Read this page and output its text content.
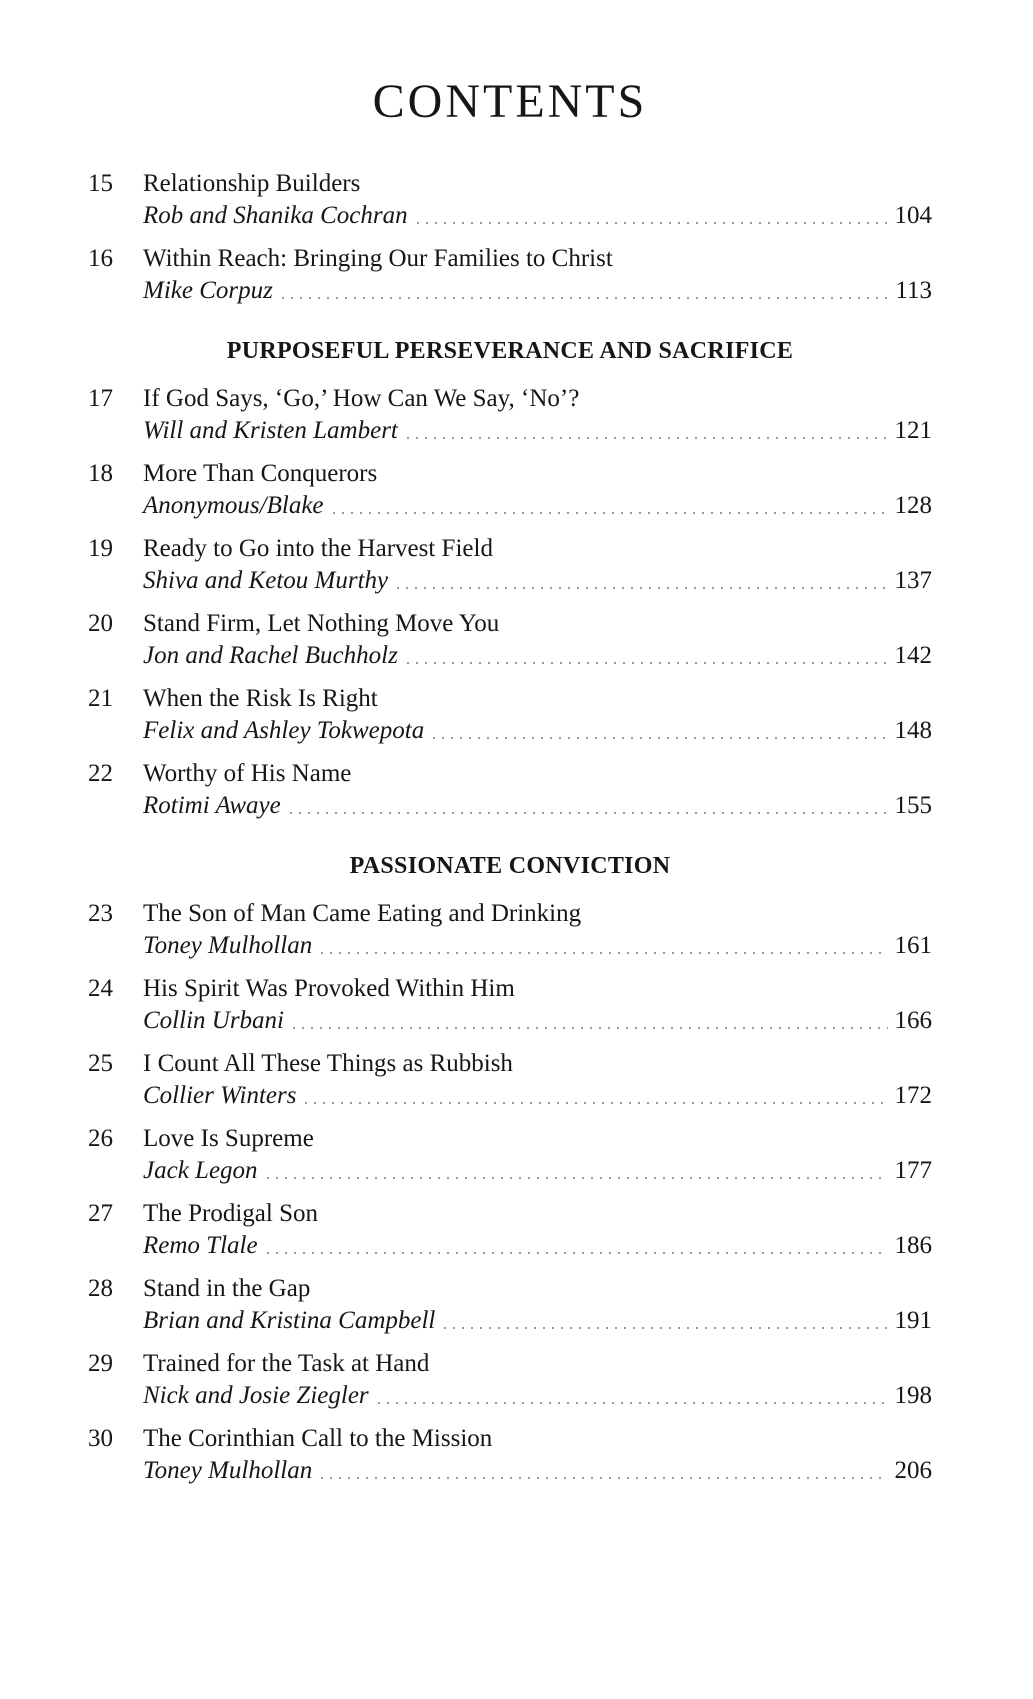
CONTENTS
15	Relationship Builders
Rob and Shanika Cochran	104
16	Within Reach: Bringing Our Families to Christ
Mike Corpuz	113
PURPOSEFUL PERSEVERANCE AND SACRIFICE
17	If God Says, ‘Go,’ How Can We Say, ‘No’?
Will and Kristen Lambert	121
18	More Than Conquerors
Anonymous/Blake	128
19	Ready to Go into the Harvest Field
Shiva and Ketou Murthy	137
20	Stand Firm, Let Nothing Move You
Jon and Rachel Buchholz	142
21	When the Risk Is Right
Felix and Ashley Tokwepota	148
22	Worthy of His Name
Rotimi Awaye	155
PASSIONATE CONVICTION
23	The Son of Man Came Eating and Drinking
Toney Mulhollan	161
24	His Spirit Was Provoked Within Him
Collin Urbani	166
25	I Count All These Things as Rubbish
Collier Winters	172
26	Love Is Supreme
Jack Legon	177
27	The Prodigal Son
Remo Tlale	186
28	Stand in the Gap
Brian and Kristina Campbell	191
29	Trained for the Task at Hand
Nick and Josie Ziegler	198
30	The Corinthian Call to the Mission
Toney Mulhollan	206
